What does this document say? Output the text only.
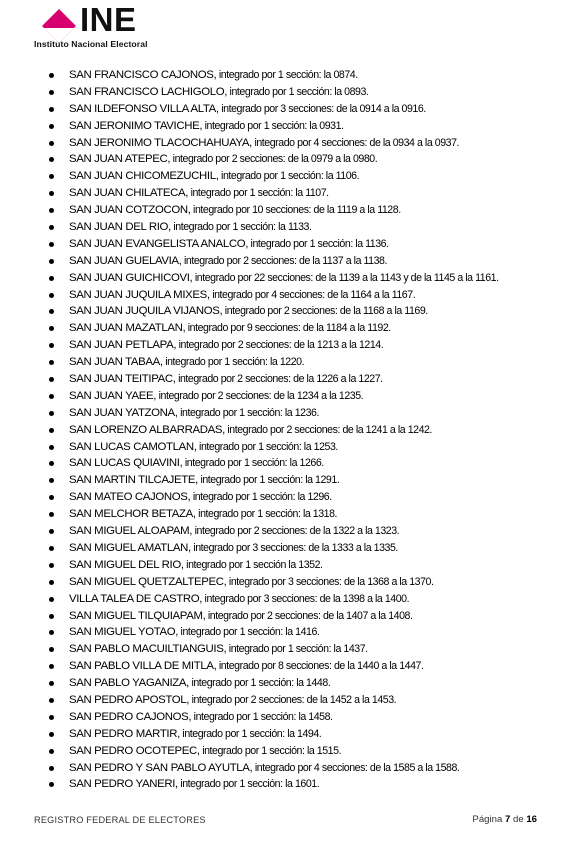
INE
Instituto Nacional Electoral
SAN FRANCISCO CAJONOS, integrado por 1 sección: la 0874.
SAN FRANCISCO LACHIGOLO, integrado por 1 sección: la 0893.
SAN ILDEFONSO VILLA ALTA, integrado por 3 secciones: de la 0914 a la 0916.
SAN JERONIMO TAVICHE, integrado por 1 sección: la 0931.
SAN JERONIMO TLACOCHAHUAYA, integrado por 4 secciones: de la 0934 a la 0937.
SAN JUAN ATEPEC, integrado por 2 secciones: de la 0979 a la 0980.
SAN JUAN CHICOMEZUCHIL, integrado por 1 sección: la 1106.
SAN JUAN CHILATECA, integrado por 1 sección: la 1107.
SAN JUAN COTZOCON, integrado por 10 secciones: de la 1119 a la 1128.
SAN JUAN DEL RIO, integrado por 1 sección: la 1133.
SAN JUAN EVANGELISTA ANALCO, integrado por 1 sección: la 1136.
SAN JUAN GUELAVIA, integrado por 2 secciones: de la 1137 a la 1138.
SAN JUAN GUICHICOVI, integrado por 22 secciones: de la 1139 a la 1143 y de la 1145 a la 1161.
SAN JUAN JUQUILA MIXES, integrado por 4 secciones: de la 1164 a la 1167.
SAN JUAN JUQUILA VIJANOS, integrado por 2 secciones: de la 1168 a la 1169.
SAN JUAN MAZATLAN, integrado por 9 secciones: de la 1184 a la 1192.
SAN JUAN PETLAPA, integrado por 2 secciones: de la 1213 a la 1214.
SAN JUAN TABAA, integrado por 1 sección: la 1220.
SAN JUAN TEITIPAC, integrado por 2 secciones: de la 1226 a la 1227.
SAN JUAN YAEE, integrado por 2 secciones: de la 1234 a la 1235.
SAN JUAN YATZONA, integrado por 1 sección: la 1236.
SAN LORENZO ALBARRADAS, integrado por 2 secciones: de la 1241 a la 1242.
SAN LUCAS CAMOTLAN, integrado por 1 sección: la 1253.
SAN LUCAS QUIAVINI, integrado por 1 sección: la 1266.
SAN MARTIN TILCAJETE, integrado por 1 sección: la 1291.
SAN MATEO CAJONOS, integrado por 1 sección: la 1296.
SAN MELCHOR BETAZA, integrado por 1 sección: la 1318.
SAN MIGUEL ALOAPAM, integrado por 2 secciones: de la 1322 a la 1323.
SAN MIGUEL AMATLAN, integrado por 3 secciones: de la 1333 a la 1335.
SAN MIGUEL DEL RIO, integrado por 1 sección la 1352.
SAN MIGUEL QUETZALTEPEC, integrado por 3 secciones: de la 1368 a la 1370.
VILLA TALEA DE CASTRO, integrado por 3 secciones: de la 1398 a la 1400.
SAN MIGUEL TILQUIAPAM, integrado por 2 secciones: de la 1407 a la 1408.
SAN MIGUEL YOTAO, integrado por 1 sección: la 1416.
SAN PABLO MACUILTIANGUIS, integrado por 1 sección: la 1437.
SAN PABLO VILLA DE MITLA, integrado por 8 secciones: de la 1440 a la 1447.
SAN PABLO YAGANIZA, integrado por 1 sección: la 1448.
SAN PEDRO APOSTOL, integrado por 2 secciones: de la 1452 a la 1453.
SAN PEDRO CAJONOS, integrado por 1 sección: la 1458.
SAN PEDRO MARTIR, integrado por 1 sección: la 1494.
SAN PEDRO OCOTEPEC, integrado por 1 sección: la 1515.
SAN PEDRO Y SAN PABLO AYUTLA, integrado por 4 secciones: de la 1585 a la 1588.
SAN PEDRO YANERI, integrado por 1 sección: la 1601.
REGISTRO FEDERAL DE ELECTORES	Página 7 de 16
